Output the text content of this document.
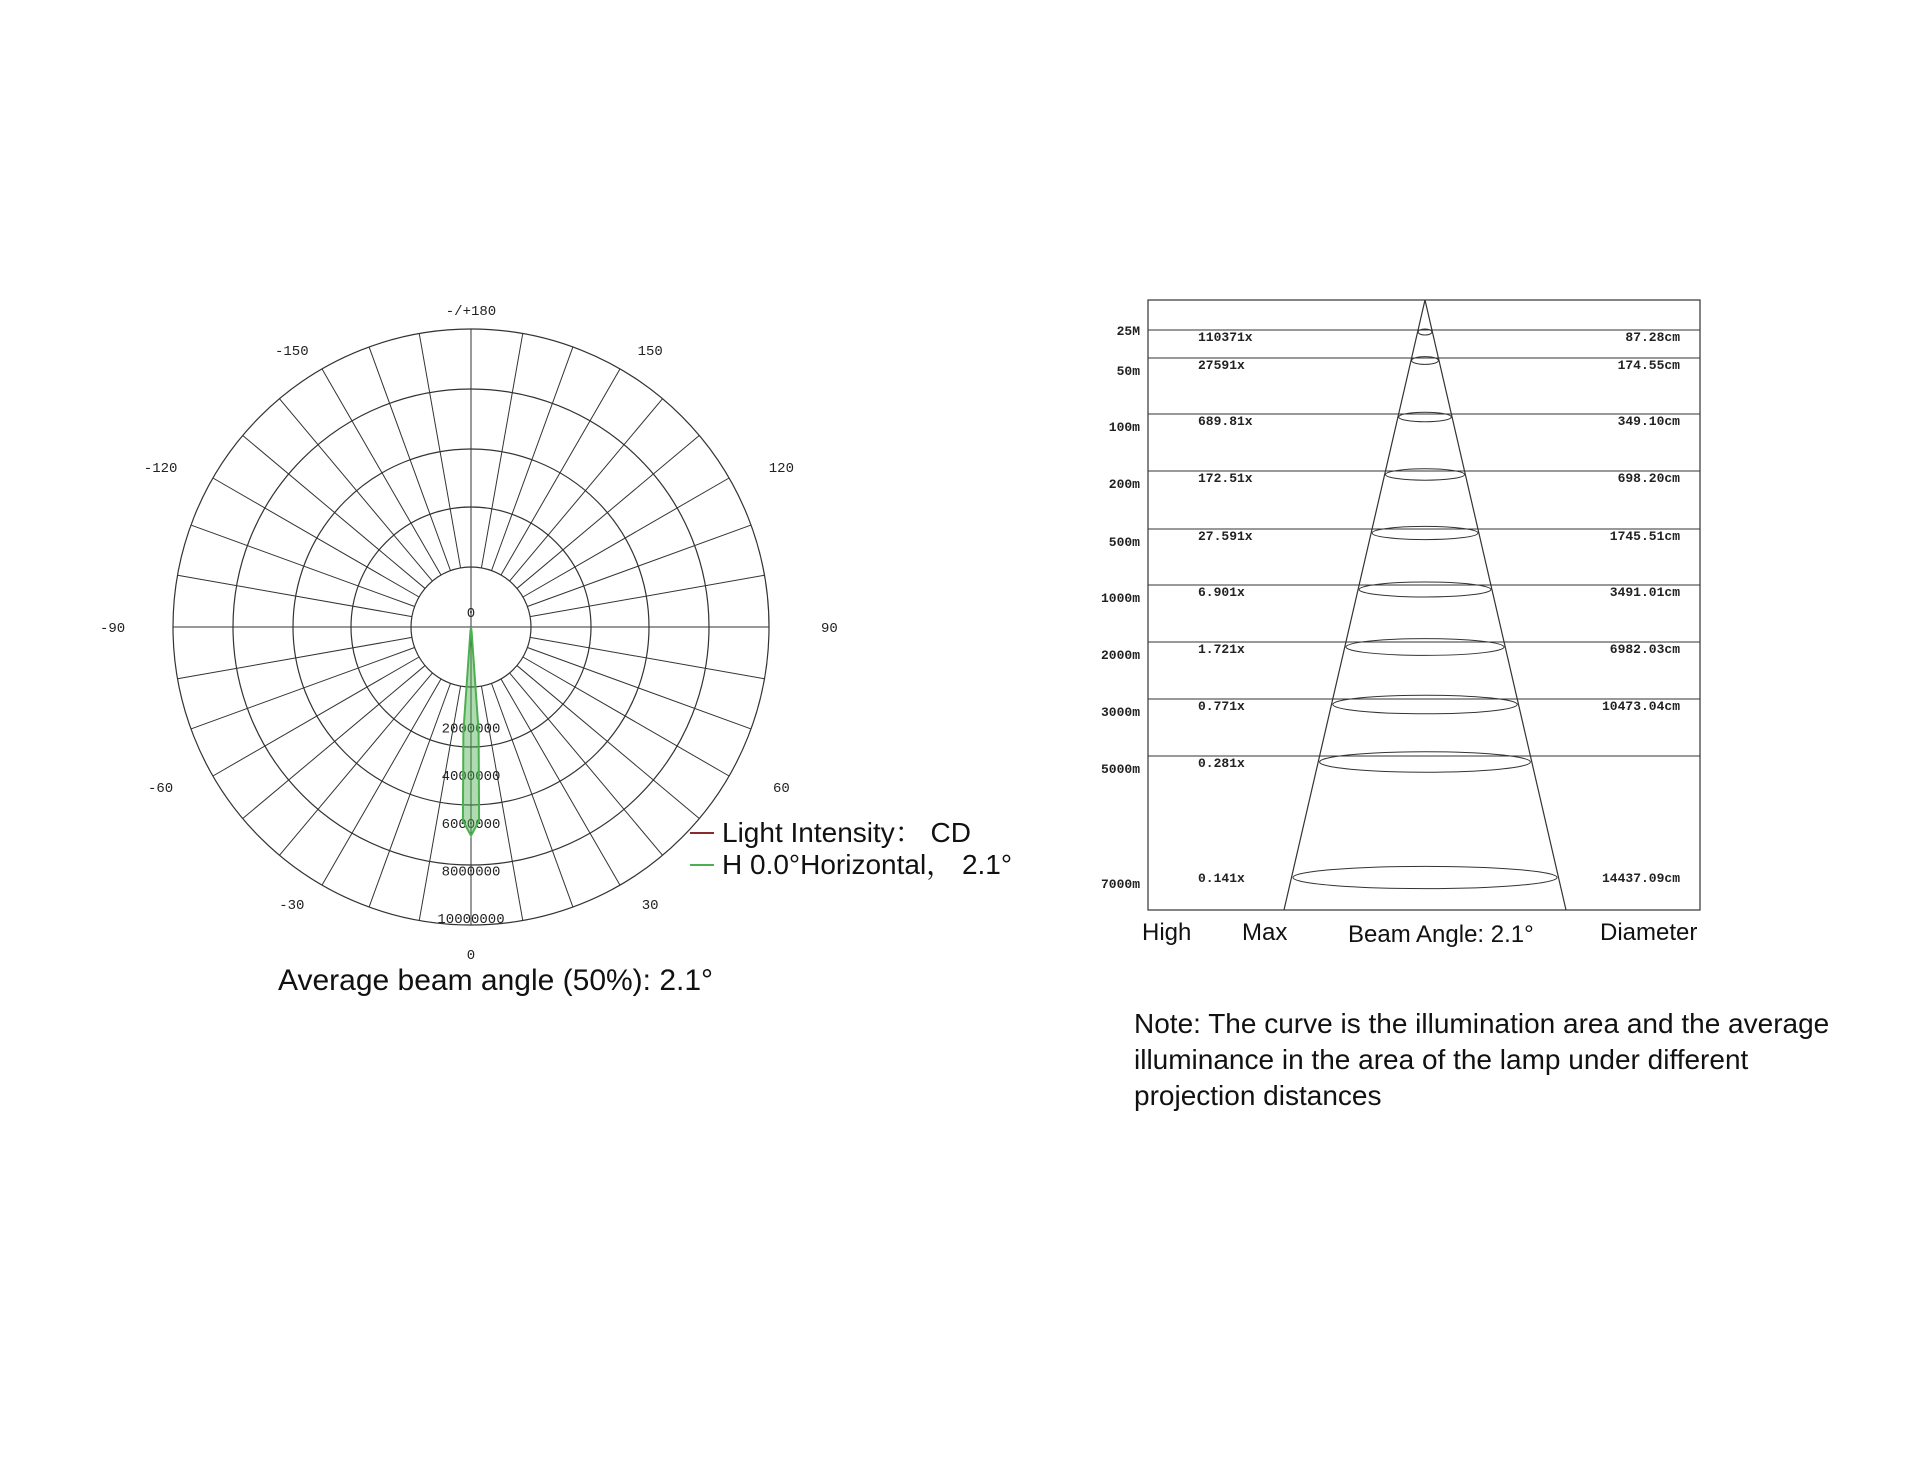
-/+180
150
120
90
60
30
0
-30
-60
-90
-120
-150
0
2000000
4000000
6000000
8000000
10000000
Light Intensity： CD
H 0.0°Horizontal， 2.1°
25M	110371x	87.28cm
50m	27591x	174.55cm
100m	689.81x	349.10cm
200m	172.51x	698.20cm
500m	27.591x	1745.51cm
1000m	6.901x	3491.01cm
2000m	1.721x	6982.03cm
3000m	0.771x	10473.04cm
5000m	0.281x
7000m	0.141x	14437.09cm
High Max	Beam Angle: 2.1°	Diameter
Average beam angle (50%): 2.1°
Note: The curve is the illumination area and the average illuminance in the area of the lamp under different projection distances
